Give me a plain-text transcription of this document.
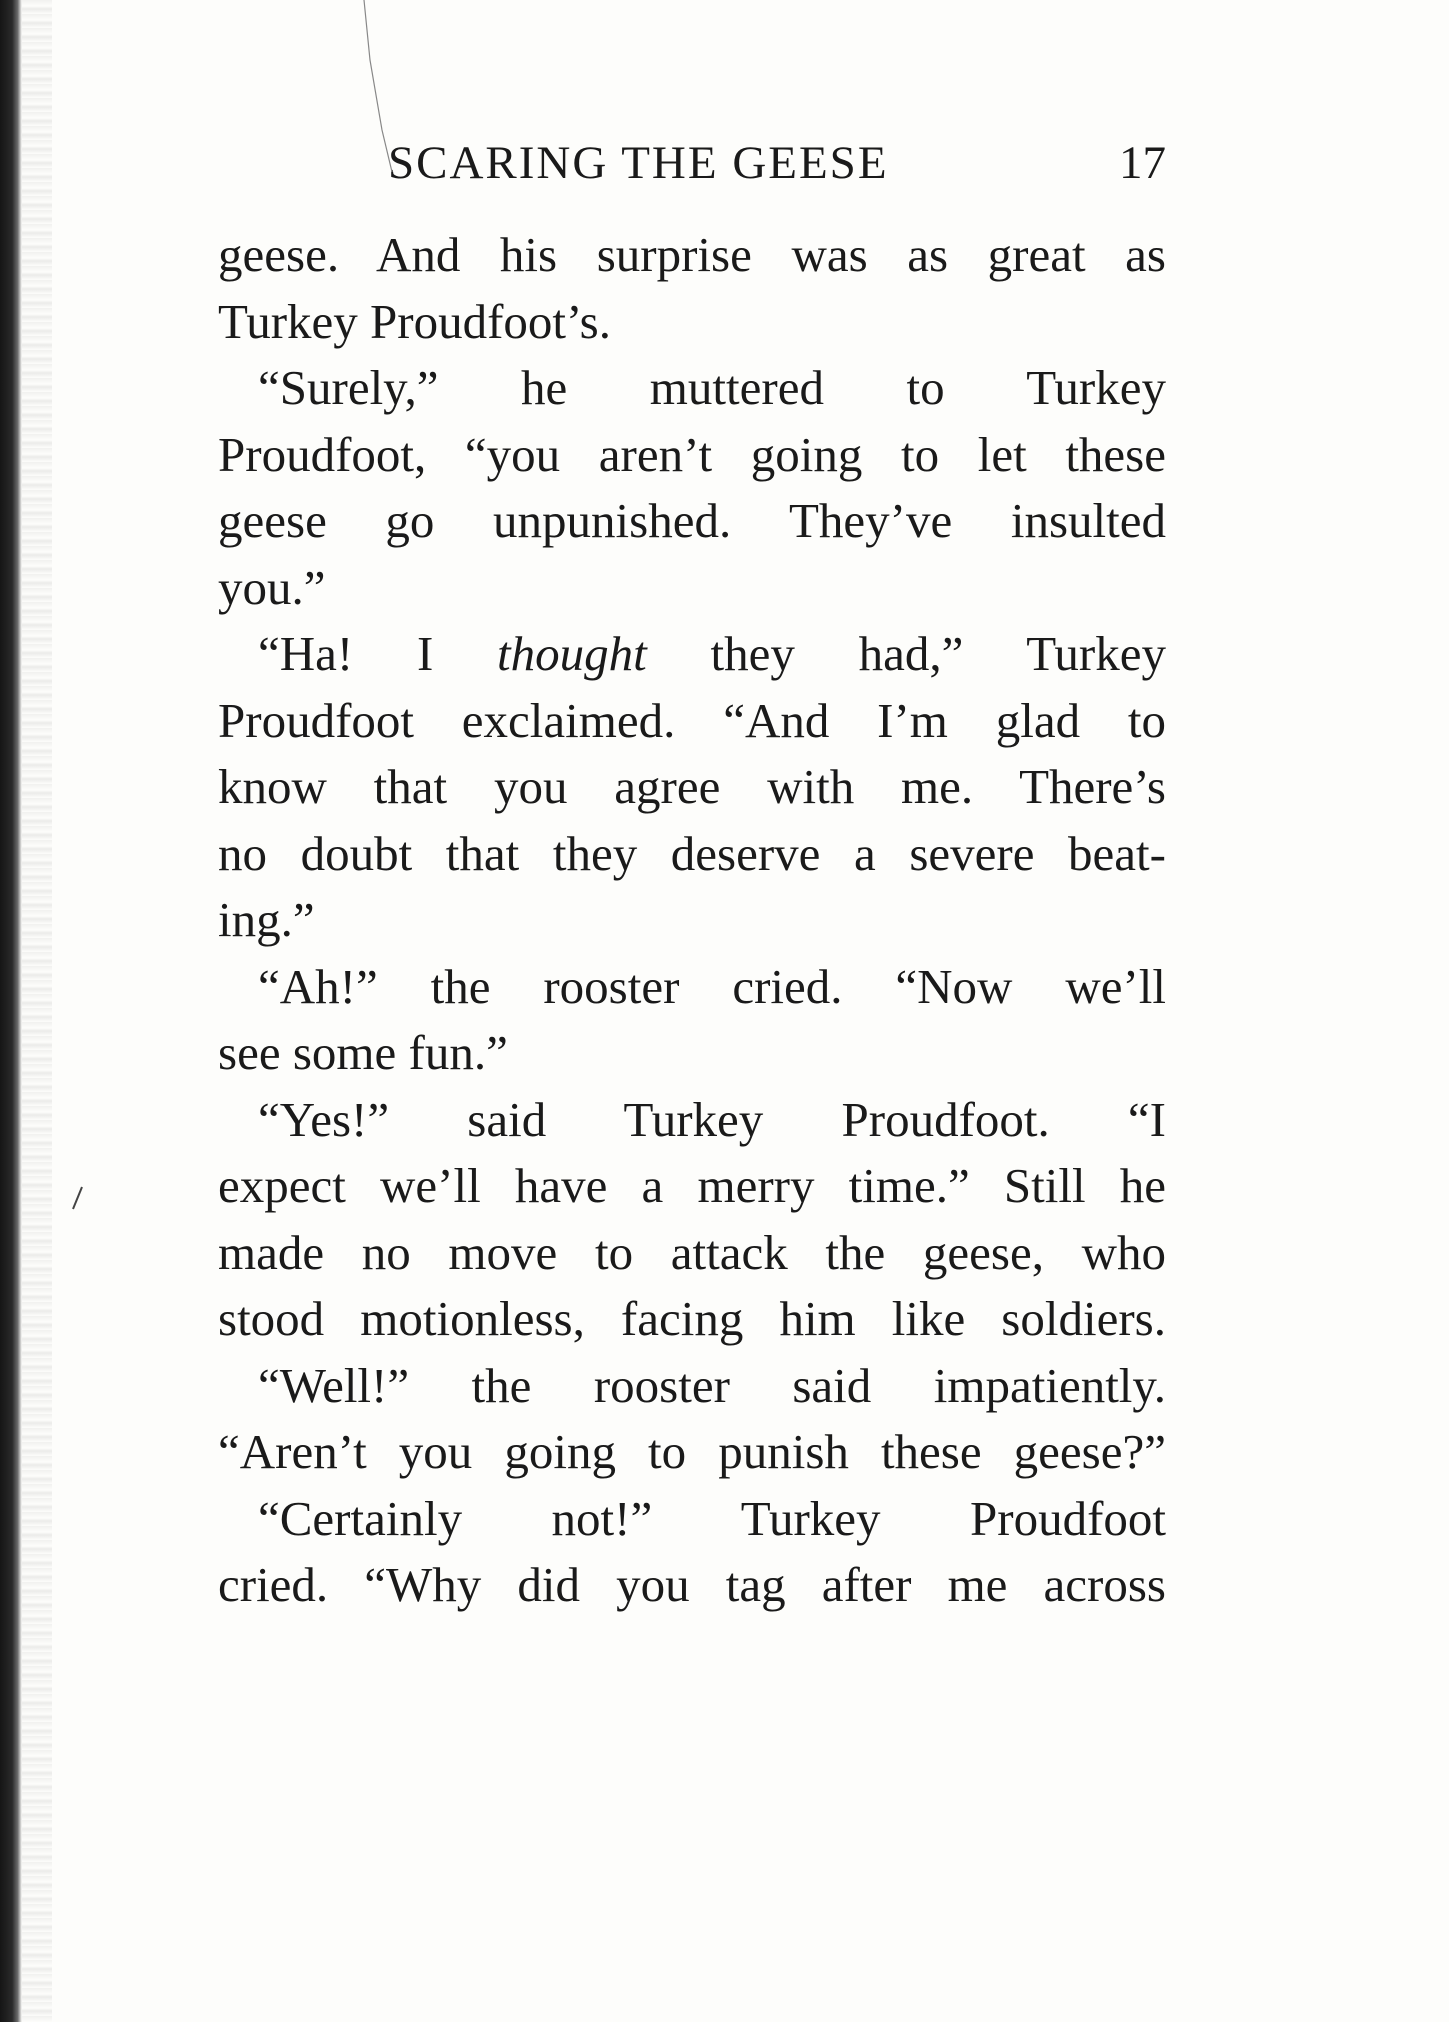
SCARING THE GEESE	17
geese. And his surprise was as great as
Turkey Proudfoot’s.
“Surely,” he muttered to Turkey
Proudfoot, “you aren’t going to let these
geese go unpunished. They’ve insulted
you.”
“Ha! I thought they had,” Turkey
Proudfoot exclaimed. “And I’m glad to
know that you agree with me. There’s
no doubt that they deserve a severe beat-
ing.”
“Ah!” the rooster cried. “Now we’ll
see some fun.”
“Yes!” said Turkey Proudfoot. “I
expect we’ll have a merry time.” Still he
made no move to attack the geese, who
stood motionless, facing him like soldiers.
“Well!” the rooster said impatiently.
“Aren’t you going to punish these geese?”
“Certainly not!” Turkey Proudfoot
cried. “Why did you tag after me across
